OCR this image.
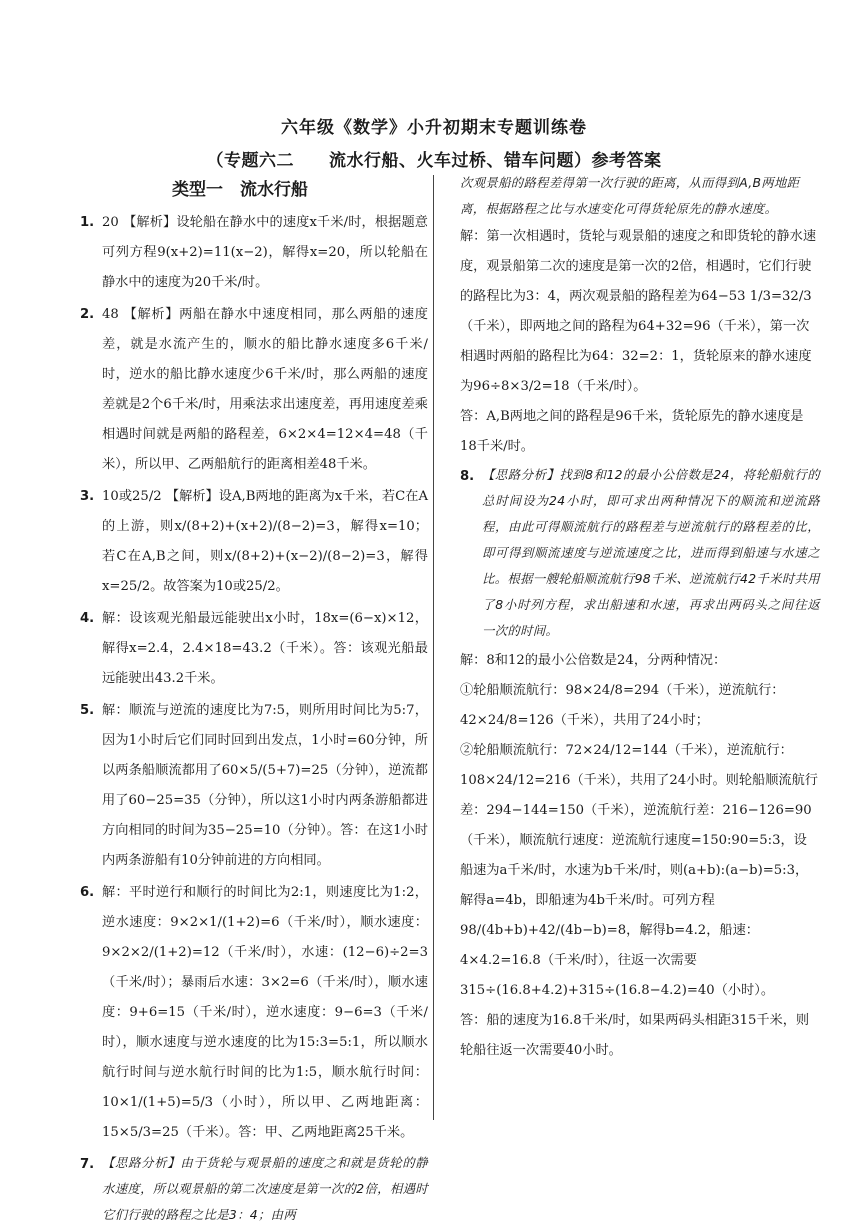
六年级《数学》小升初期末专题训练卷
（专题六二　　流水行船、火车过桥、错车问题）参考答案
类型一　流水行船
1. 20 【解析】设轮船在静水中的速度x千米/时，根据题意可列方程9(x+2)=11(x−2)，解得x=20，所以轮船在静水中的速度为20千米/时。

2. 48 【解析】两船在静水中速度相同，那么两船的速度差，就是水流产生的，顺水的船比静水速度多6千米/时，逆水的船比静水速度少6千米/时，那么两船的速度差就是2个6千米/时，用乘法求出速度差，再用速度差乘相遇时间就是两船的路程差，6×2×4=12×4=48（千米），所以甲、乙两船航行的距离相差48千米。

3. 10或25/2 【解析】设A,B两地的距离为x千米，若C在A的上游，则x/(8+2)+(x+2)/(8−2)=3，解得x=10；若C在A,B之间，则x/(8+2)+(x−2)/(8−2)=3，解得x=25/2。故答案为10或25/2。

4. 解：设该观光船最远能驶出x小时，18x=(6−x)×12，解得x=2.4，2.4×18=43.2（千米）。答：该观光船最远能驶出43.2千米。

5. 解：顺流与逆流的速度比为7:5，则所用时间比为5:7，因为1小时后它们同时回到出发点，1小时=60分钟，所以两条船顺流都用了60×5/(5+7)=25（分钟），逆流都用了60−25=35（分钟），所以这1小时内两条游船都进方向相同的时间为35−25=10（分钟）。答：在这1小时内两条游船有10分钟前进的方向相同。

6. 解：平时逆行和顺行的时间比为2:1，则速度比为1:2，逆水速度：9×2×1/(1+2)=6（千米/时），顺水速度：9×2×2/(1+2)=12（千米/时），水速：(12−6)÷2=3（千米/时）；暴雨后水速：3×2=6（千米/时），顺水速度：9+6=15（千米/时），逆水速度：9−6=3（千米/时），顺水速度与逆水速度的比为15:3=5:1，所以顺水航行时间与逆水航行时间的比为1:5，顺水航行时间：10×1/(1+5)=5/3（小时），所以甲、乙两地距离：15×5/3=25（千米）。答：甲、乙两地距离25千米。

7. 【思路分析】由于货轮与观景船的速度之和就是货轮的静水速度，所以观景船的第二次速度是第一次的2倍，相遇时它们行驶的路程之比是3：4；由两

次观景船的路程差得第一次行驶的距离，从而得到A,B两地距离，根据路程之比与水速变化可得货轮原先的静水速度。

解：第一次相遇时，货轮与观景船的速度之和即货轮的静水速度，观景船第二次的速度是第一次的2倍，相遇时，它们行驶的路程比为3：4，两次观景船的路程差为64−53 1/3=32/3（千米），即两地之间的路程为64+32=96（千米），第一次相遇时两船的路程比为64：32=2：1，货轮原来的静水速度为96÷8×3/2=18（千米/时）。

答：A,B两地之间的路程是96千米，货轮原先的静水速度是18千米/时。

8. 【思路分析】找到8和12的最小公倍数是24，将轮船航行的总时间设为24小时，即可求出两种情况下的顺流和逆流路程，由此可得顺流航行的路程差与逆流航行的路程差的比，即可得到顺流速度与逆流速度之比，进而得到船速与水速之比。根据一艘轮船顺流航行98千米、逆流航行42千米时共用了8小时列方程，求出船速和水速，再求出两码头之间往返一次的时间。

解：8和12的最小公倍数是24，分两种情况：

①轮船顺流航行：98×24/8=294（千米），逆流航行：42×24/8=126（千米），共用了24小时；

②轮船顺流航行：72×24/12=144（千米），逆流航行：108×24/12=216（千米），共用了24小时。则轮船顺流航行差：294−144=150（千米），逆流航行差：216−126=90（千米），顺流航行速度：逆流航行速度=150:90=5:3，设船速为a千米/时，水速为b千米/时，则(a+b):(a−b)=5:3，解得a=4b，即船速为4b千米/时。可列方程98/(4b+b)+42/(4b−b)=8，解得b=4.2，船速：4×4.2=16.8（千米/时），往返一次需要315÷(16.8+4.2)+315÷(16.8−4.2)=40（小时）。

答：船的速度为16.8千米/时，如果两码头相距315千米，则轮船往返一次需要40小时。
